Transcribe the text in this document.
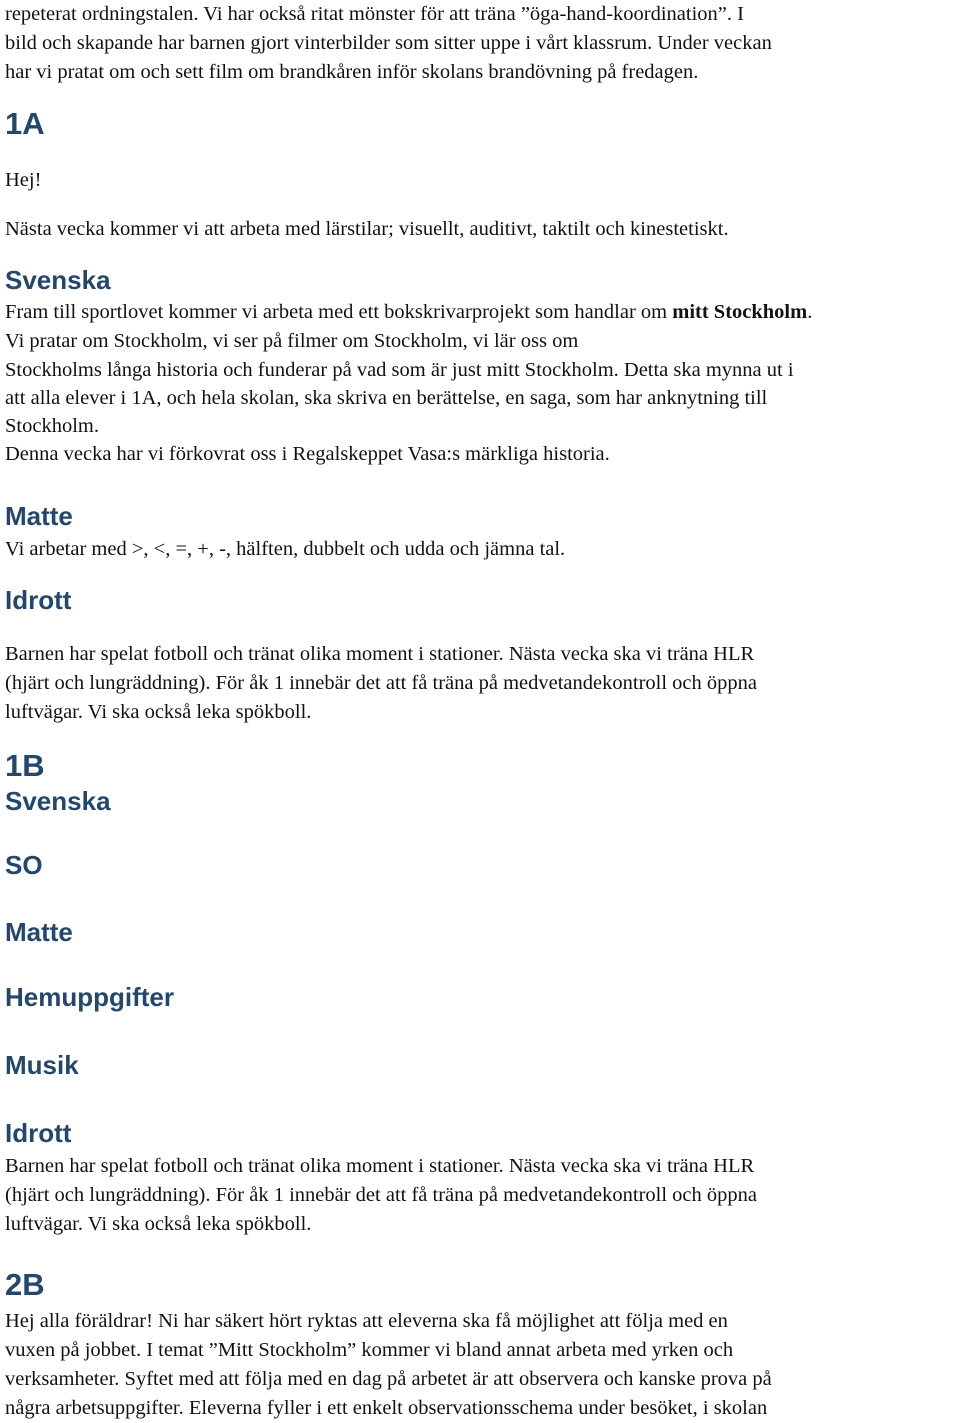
repeterat ordningstalen. Vi har också ritat mönster för att träna ”öga-hand-koordination”. I

bild och skapande har barnen gjort vinterbilder som sitter uppe i vårt klassrum. Under veckan

har vi pratat om och sett film om brandkåren inför skolans brandövning på fredagen.

1A

Hej!

Nästa vecka kommer vi att arbeta med lärstilar; visuellt, auditivt, taktilt och kinestetiskt.

Svenska

Fram till sportlovet kommer vi arbeta med ett bokskrivarprojekt som handlar om mitt Stockholm.

Vi pratar om Stockholm, vi ser på filmer om Stockholm, vi lär oss om

Stockholms långa historia och funderar på vad som är just mitt Stockholm. Detta ska mynna ut i

att alla elever i 1A, och hela skolan, ska skriva en berättelse, en saga, som har anknytning till

Stockholm.

Denna vecka har vi förkovrat oss i Regalskeppet Vasa:s märkliga historia.

Matte

Vi arbetar med >, <, =, +, -, hälften, dubbelt och udda och jämna tal.

Idrott

Barnen har spelat fotboll och tränat olika moment i stationer. Nästa vecka ska vi träna HLR

(hjärt och lungräddning). För åk 1 innebär det att få träna på medvetandekontroll och öppna

luftvägar. Vi ska också leka spökboll.

1B
Svenska
SO
Matte
Hemuppgifter
Musik
Idrott

Barnen har spelat fotboll och tränat olika moment i stationer. Nästa vecka ska vi träna HLR

(hjärt och lungräddning). För åk 1 innebär det att få träna på medvetandekontroll och öppna

luftvägar. Vi ska också leka spökboll.

2B

Hej alla föräldrar! Ni har säkert hört ryktas att eleverna ska få möjlighet att följa med en

vuxen på jobbet. I temat ”Mitt Stockholm” kommer vi bland annat arbeta med yrken och

verksamheter. Syftet med att följa med en dag på arbetet är att observera och kanske prova på

några arbetsuppgifter. Eleverna fyller i ett enkelt observationsschema under besöket, i skolan
